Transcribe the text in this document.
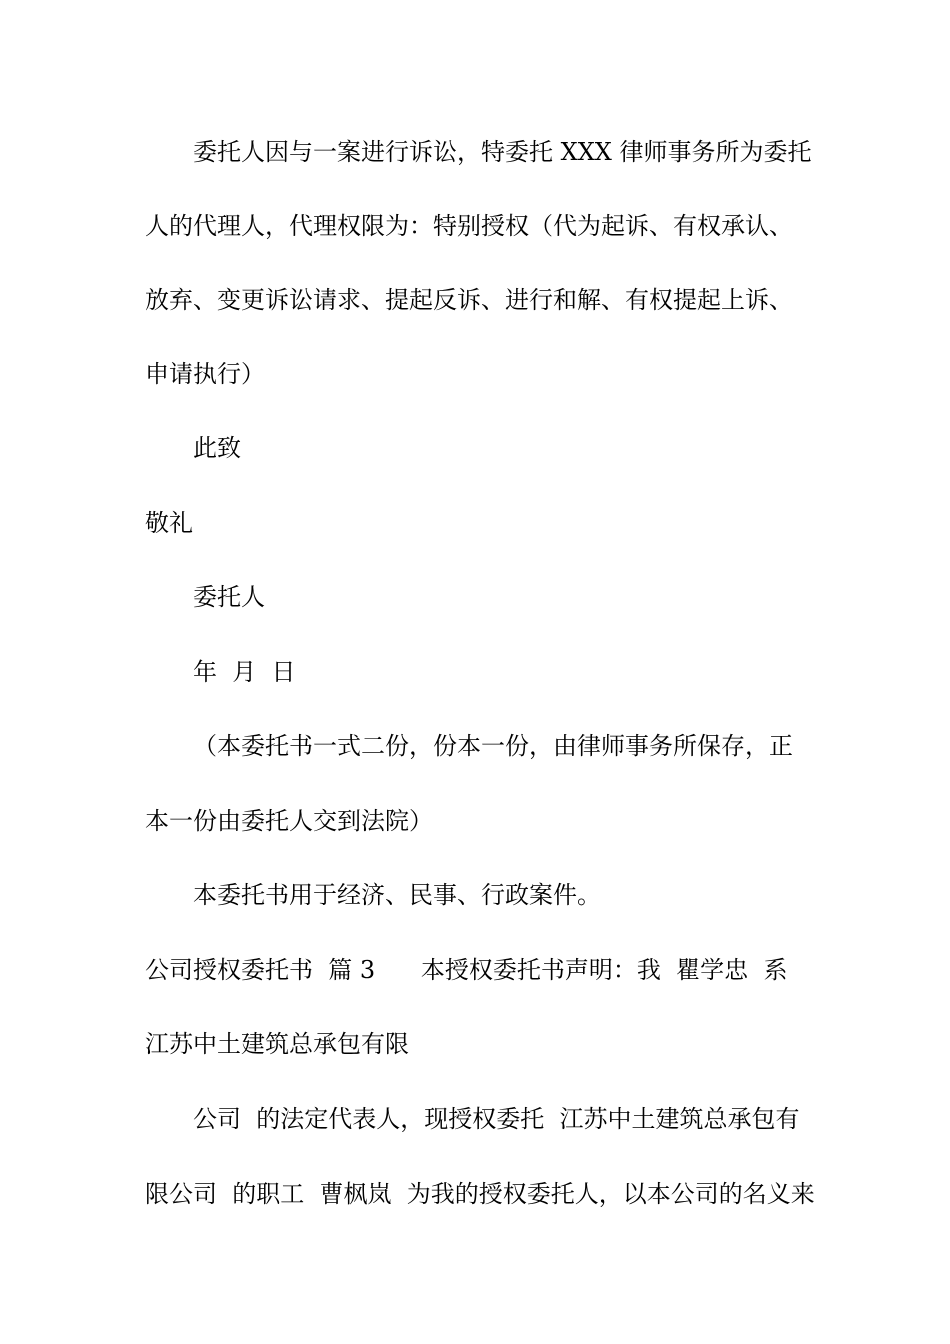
委托人因与一案进行诉讼，特委托 XXX 律师事务所为委托
人的代理人，代理权限为：特别授权（代为起诉、有权承认、
放弃、变更诉讼请求、提起反诉、进行和解、有权提起上诉、
申请执行）
此致
敬礼
委托人
年  月  日
（本委托书一式二份，份本一份，由律师事务所保存，正
本一份由委托人交到法院）
本委托书用于经济、民事、行政案件。
公司授权委托书  篇 3      本授权委托书声明：我  瞿学忠  系
江苏中土建筑总承包有限
公司  的法定代表人，现授权委托  江苏中土建筑总承包有
限公司  的职工  曹枫岚  为我的授权委托人，以本公司的名义来
